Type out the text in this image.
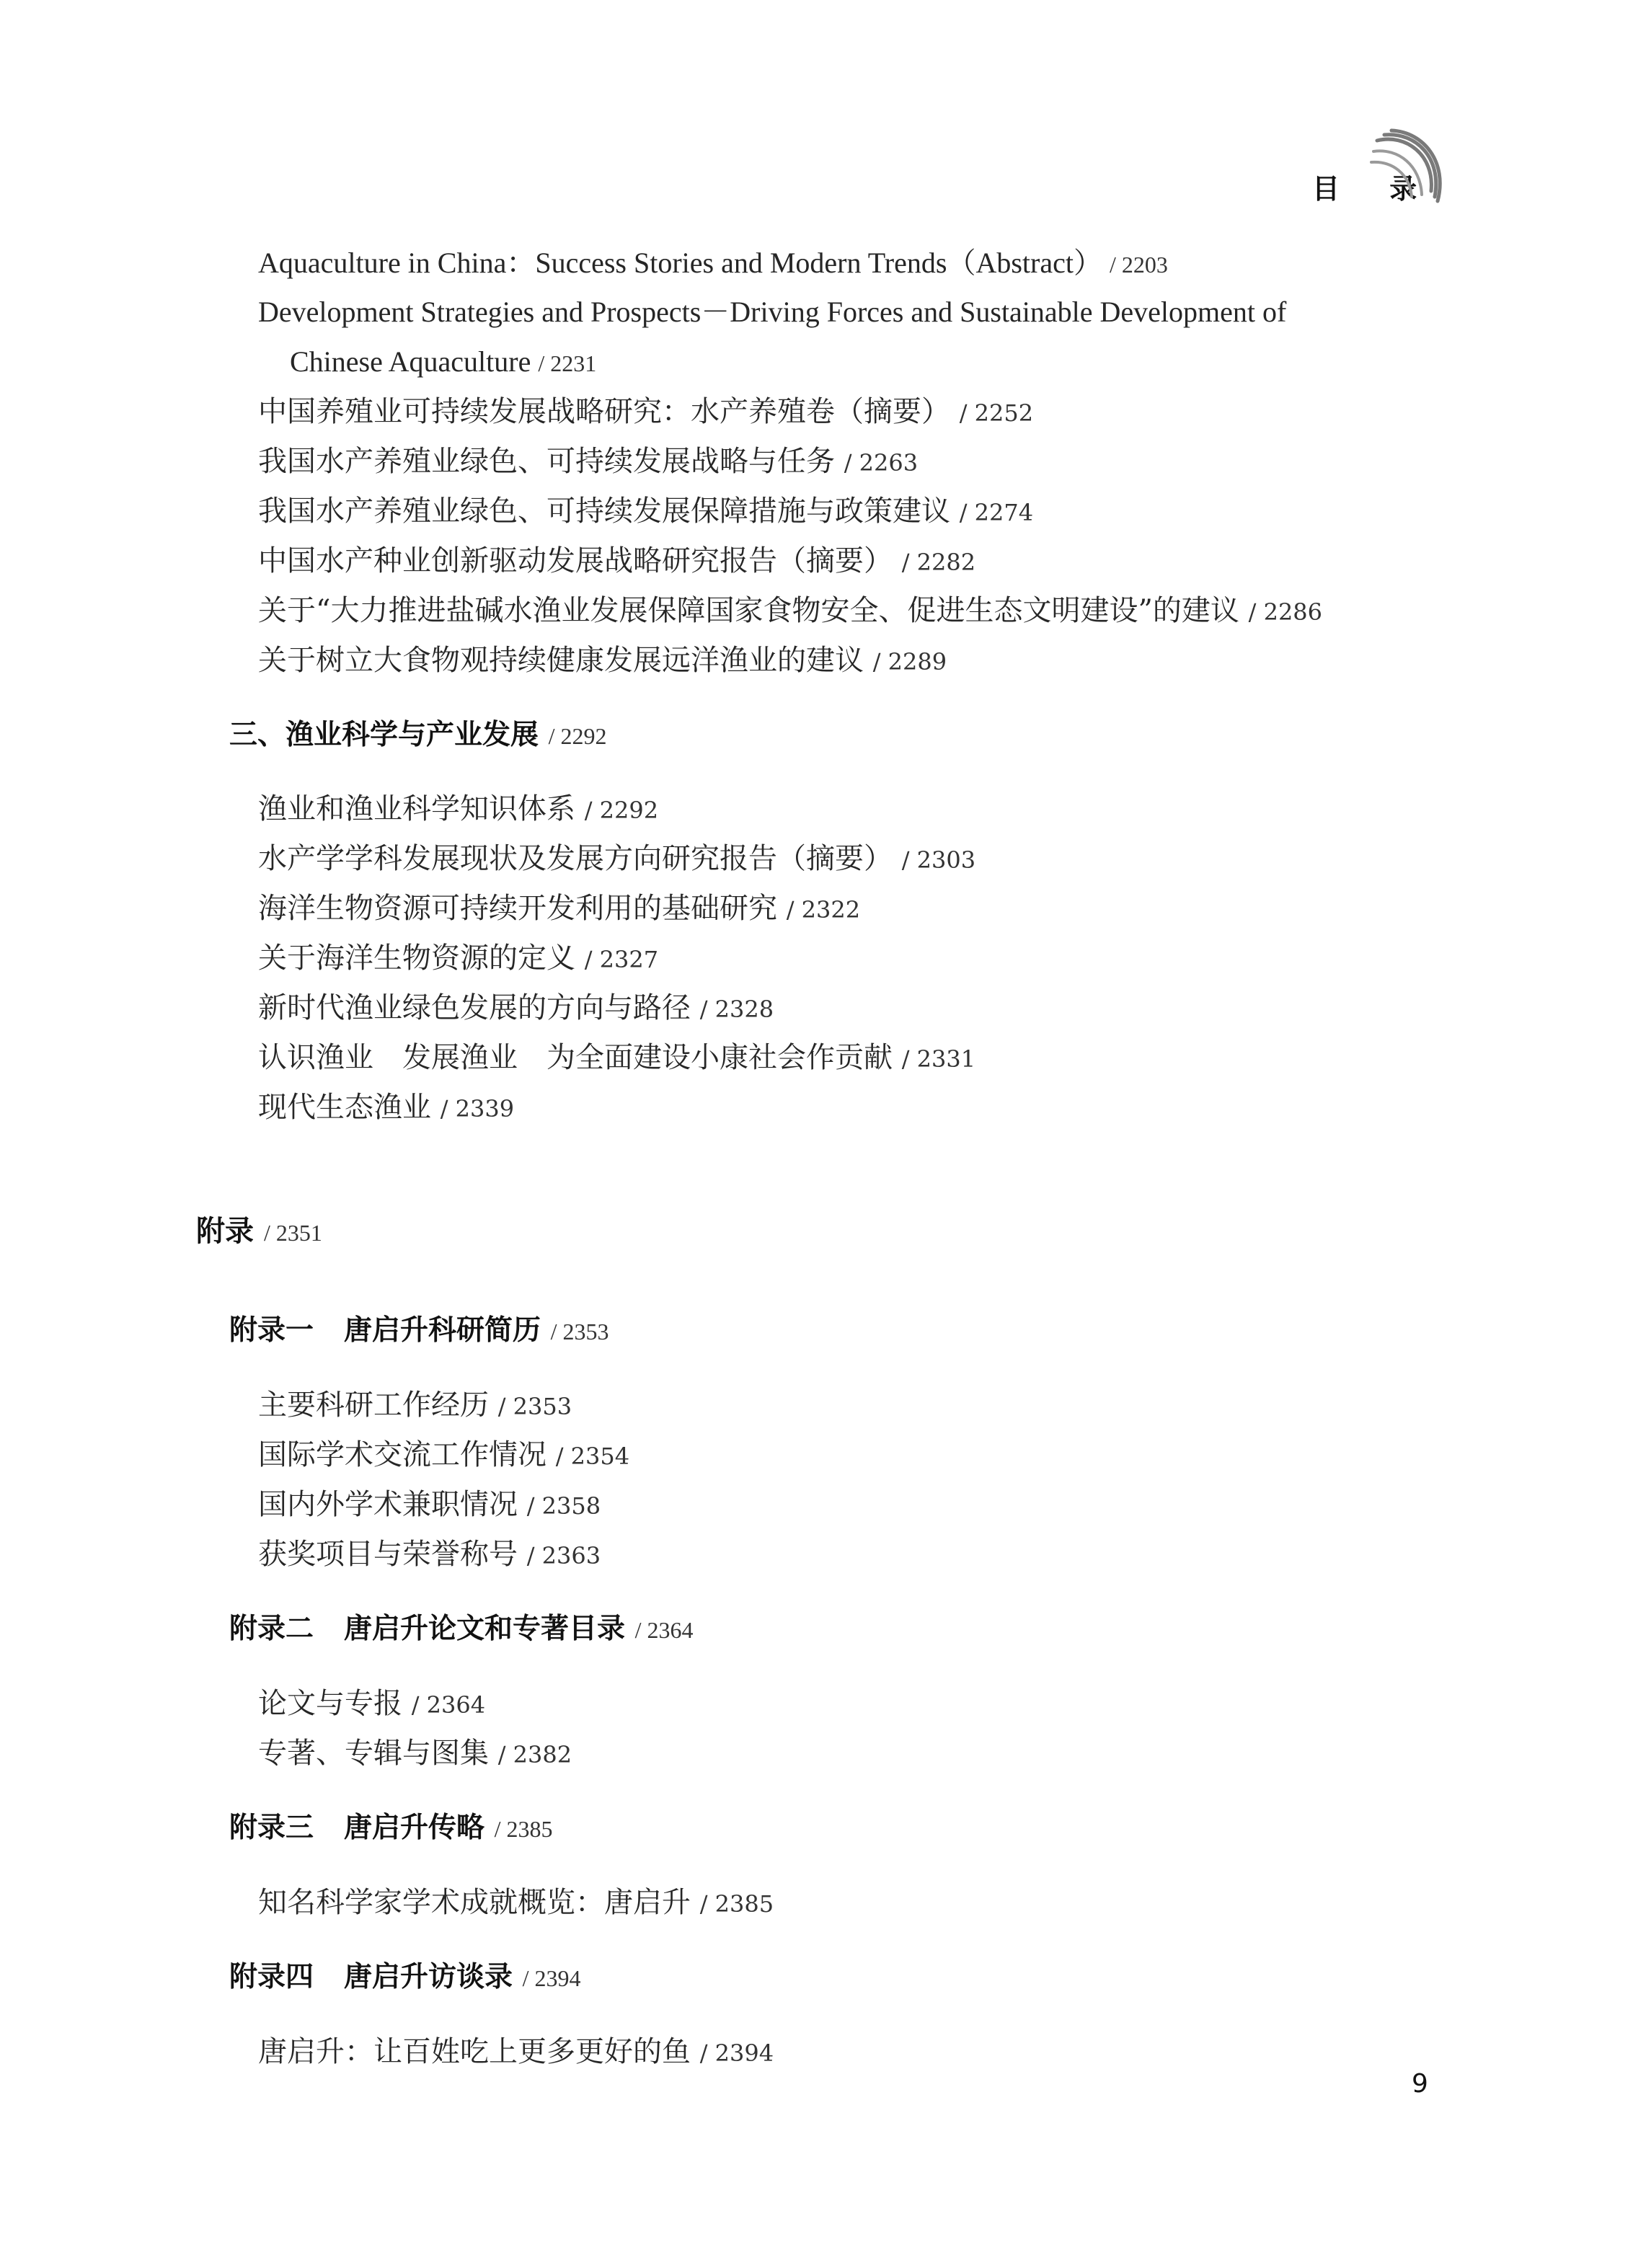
目 录
Aquaculture in China：Success Stories and Modern Trends（Abstract） / 2203
Development Strategies and Prospects－Driving Forces and Sustainable Development of
Chinese Aquaculture / 2231
中国养殖业可持续发展战略研究：水产养殖卷（摘要） / 2252
我国水产养殖业绿色、可持续发展战略与任务 / 2263
我国水产养殖业绿色、可持续发展保障措施与政策建议 / 2274
中国水产种业创新驱动发展战略研究报告（摘要） / 2282
关于“大力推进盐碱水渔业发展保障国家食物安全、促进生态文明建设”的建议 / 2286
关于树立大食物观持续健康发展远洋渔业的建议 / 2289
三、渔业科学与产业发展 / 2292
渔业和渔业科学知识体系 / 2292
水产学学科发展现状及发展方向研究报告（摘要） / 2303
海洋生物资源可持续开发利用的基础研究 / 2322
关于海洋生物资源的定义 / 2327
新时代渔业绿色发展的方向与路径 / 2328
认识渔业　发展渔业　为全面建设小康社会作贡献 / 2331
现代生态渔业 / 2339
附录 / 2351
附录一 唐启升科研简历 / 2353
主要科研工作经历 / 2353
国际学术交流工作情况 / 2354
国内外学术兼职情况 / 2358
获奖项目与荣誉称号 / 2363
附录二 唐启升论文和专著目录 / 2364
论文与专报 / 2364
专著、专辑与图集 / 2382
附录三 唐启升传略 / 2385
知名科学家学术成就概览：唐启升 / 2385
附录四 唐启升访谈录 / 2394
唐启升：让百姓吃上更多更好的鱼 / 2394
9
